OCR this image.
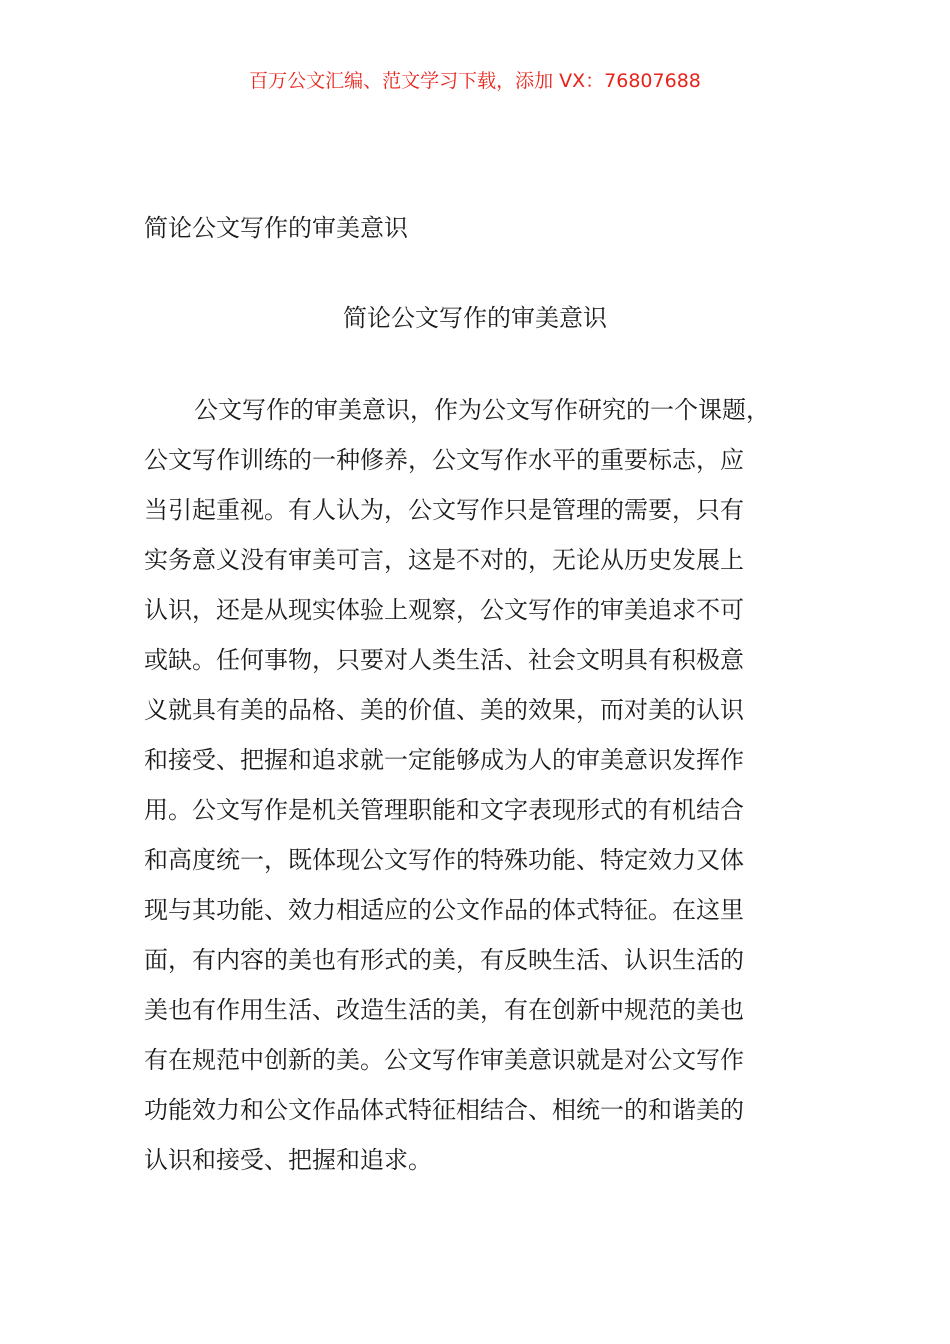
百万公文汇编、范文学习下载，添加 VX：76807688
简论公文写作的审美意识
简论公文写作的审美意识
公文写作的审美意识，作为公文写作研究的一个课题，
公文写作训练的一种修养，公文写作水平的重要标志，应
当引起重视。有人认为，公文写作只是管理的需要，只有
实务意义没有审美可言，这是不对的，无论从历史发展上
认识，还是从现实体验上观察，公文写作的审美追求不可
或缺。任何事物，只要对人类生活、社会文明具有积极意
义就具有美的品格、美的价值、美的效果，而对美的认识
和接受、把握和追求就一定能够成为人的审美意识发挥作
用。公文写作是机关管理职能和文字表现形式的有机结合
和高度统一，既体现公文写作的特殊功能、特定效力又体
现与其功能、效力相适应的公文作品的体式特征。在这里
面，有内容的美也有形式的美，有反映生活、认识生活的
美也有作用生活、改造生活的美，有在创新中规范的美也
有在规范中创新的美。公文写作审美意识就是对公文写作
功能效力和公文作品体式特征相结合、相统一的和谐美的
认识和接受、把握和追求。
